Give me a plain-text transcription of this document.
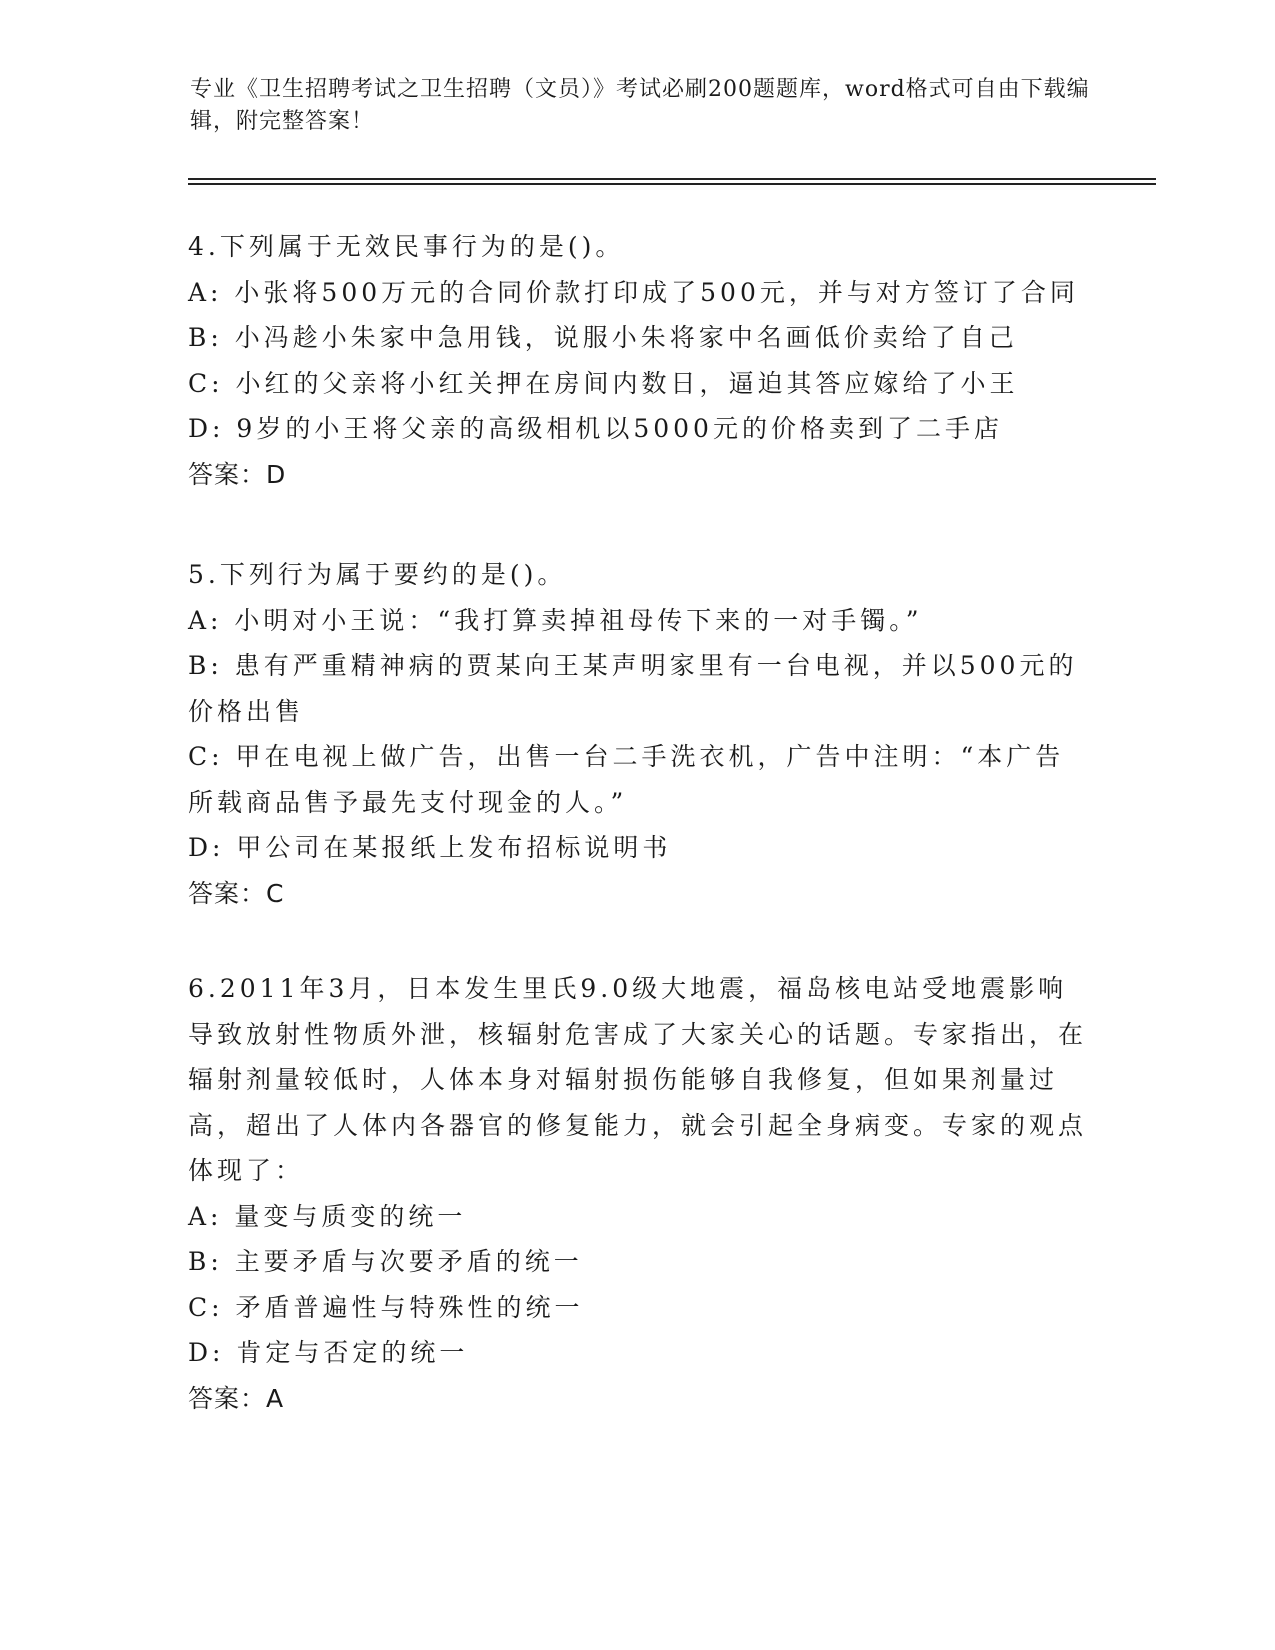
专业《卫生招聘考试之卫生招聘（文员）》考试必刷200题题库，word格式可自由下载编辑，附完整答案！
4.下列属于无效民事行为的是()。
A: 小张将500万元的合同价款打印成了500元，并与对方签订了合同
B: 小冯趁小朱家中急用钱，说服小朱将家中名画低价卖给了自己
C: 小红的父亲将小红关押在房间内数日，逼迫其答应嫁给了小王
D: 9岁的小王将父亲的高级相机以5000元的价格卖到了二手店
答案：D
5.下列行为属于要约的是()。
A: 小明对小王说：“我打算卖掉祖母传下来的一对手镯。”
B: 患有严重精神病的贾某向王某声明家里有一台电视，并以500元的价格出售
C: 甲在电视上做广告，出售一台二手洗衣机，广告中注明：“本广告所载商品售予最先支付现金的人。”
D: 甲公司在某报纸上发布招标说明书
答案：C
6.2011年3月，日本发生里氏9.0级大地震，福岛核电站受地震影响导致放射性物质外泄，核辐射危害成了大家关心的话题。专家指出，在辐射剂量较低时，人体本身对辐射损伤能够自我修复，但如果剂量过高，超出了人体内各器官的修复能力，就会引起全身病变。专家的观点体现了：
A: 量变与质变的统一
B: 主要矛盾与次要矛盾的统一
C: 矛盾普遍性与特殊性的统一
D: 肯定与否定的统一
答案：A
